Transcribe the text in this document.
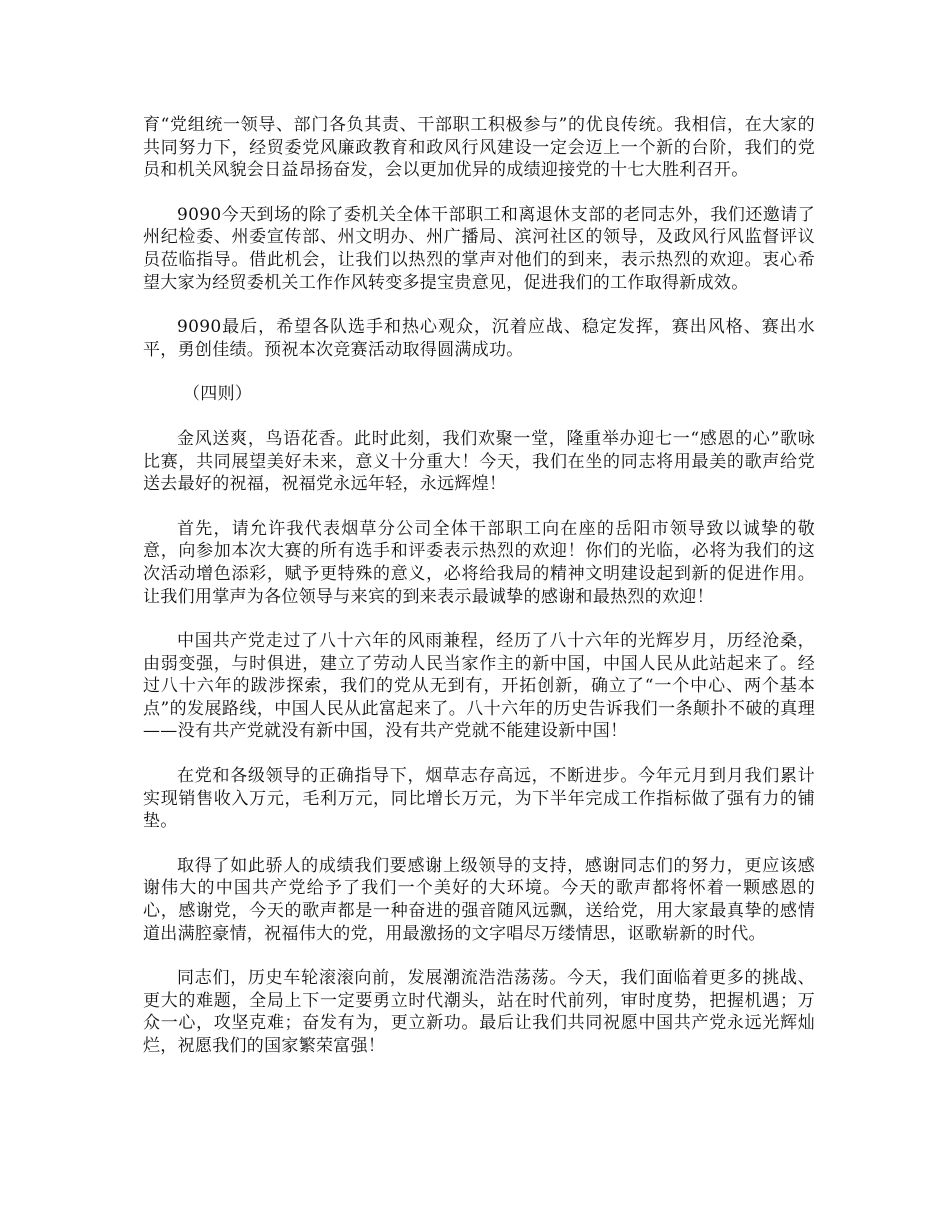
育“党组统一领导、部门各负其责、干部职工积极参与”的优良传统。我相信，在大家的共同努力下，经贸委党风廉政教育和政风行风建设一定会迈上一个新的台阶，我们的党员和机关风貌会日益昂扬奋发，会以更加优异的成绩迎接党的十七大胜利召开。

9090今天到场的除了委机关全体干部职工和离退休支部的老同志外，我们还邀请了州纪检委、州委宣传部、州文明办、州广播局、滨河社区的领导，及政风行风监督评议员莅临指导。借此机会，让我们以热烈的掌声对他们的到来，表示热烈的欢迎。衷心希望大家为经贸委机关工作作风转变多提宝贵意见，促进我们的工作取得新成效。

9090最后，希望各队选手和热心观众，沉着应战、稳定发挥，赛出风格、赛出水平，勇创佳绩。预祝本次竞赛活动取得圆满成功。

（四则）

金风送爽，鸟语花香。此时此刻，我们欢聚一堂，隆重举办迎七一“感恩的心”歌咏比赛，共同展望美好未来，意义十分重大！今天，我们在坐的同志将用最美的歌声给党送去最好的祝福，祝福党永远年轻，永远辉煌！

首先，请允许我代表烟草分公司全体干部职工向在座的岳阳市领导致以诚挚的敬意，向参加本次大赛的所有选手和评委表示热烈的欢迎！你们的光临，必将为我们的这次活动增色添彩，赋予更特殊的意义，必将给我局的精神文明建设起到新的促进作用。让我们用掌声为各位领导与来宾的到来表示最诚挚的感谢和最热烈的欢迎！

中国共产党走过了八十六年的风雨兼程，经历了八十六年的光辉岁月，历经沧桑，由弱变强，与时俱进，建立了劳动人民当家作主的新中国，中国人民从此站起来了。经过八十六年的跋涉探索，我们的党从无到有，开拓创新，确立了“一个中心、两个基本点”的发展路线，中国人民从此富起来了。八十六年的历史告诉我们一条颠扑不破的真理——没有共产党就没有新中国，没有共产党就不能建设新中国！

在党和各级领导的正确指导下，烟草志存高远，不断进步。今年元月到月我们累计实现销售收入万元，毛利万元，同比增长万元，为下半年完成工作指标做了强有力的铺垫。

取得了如此骄人的成绩我们要感谢上级领导的支持，感谢同志们的努力，更应该感谢伟大的中国共产党给予了我们一个美好的大环境。今天的歌声都将怀着一颗感恩的心，感谢党，今天的歌声都是一种奋进的强音随风远飘，送给党，用大家最真挚的感情道出满腔豪情，祝福伟大的党，用最激扬的文字唱尽万缕情思，讴歌崭新的时代。

同志们，历史车轮滚滚向前，发展潮流浩浩荡荡。今天，我们面临着更多的挑战、更大的难题，全局上下一定要勇立时代潮头，站在时代前列，审时度势，把握机遇；万众一心，攻坚克难；奋发有为，更立新功。最后让我们共同祝愿中国共产党永远光辉灿烂，祝愿我们的国家繁荣富强！
